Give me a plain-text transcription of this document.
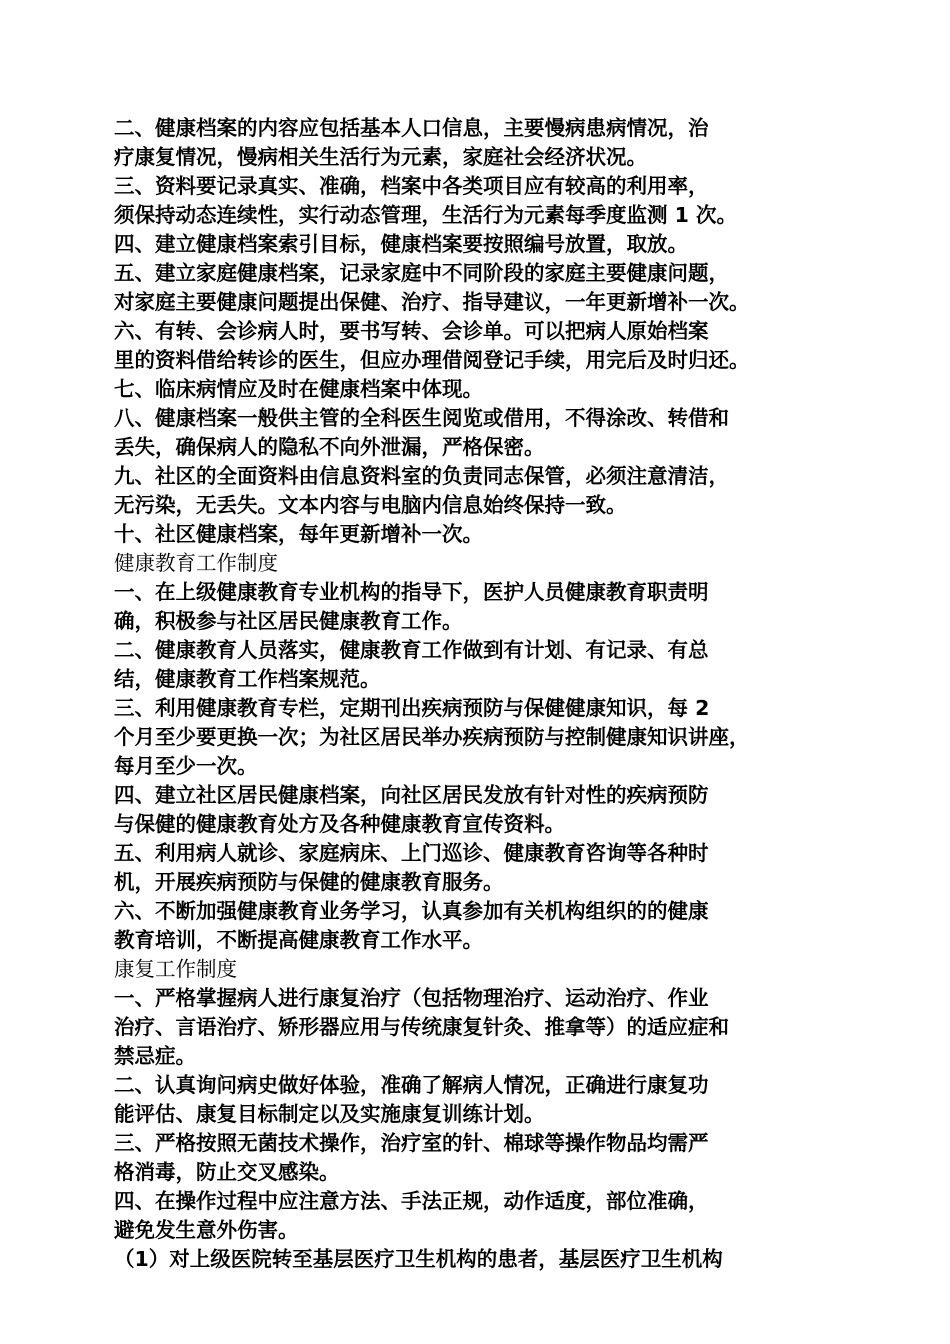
二、健康档案的内容应包括基本人口信息，主要慢病患病情况，治
疗康复情况，慢病相关生活行为元素，家庭社会经济状况。
三、资料要记录真实、准确，档案中各类项目应有较高的利用率，
须保持动态连续性，实行动态管理，生活行为元素每季度监测 1 次。
四、建立健康档案索引目标，健康档案要按照编号放置，取放。
五、建立家庭健康档案，记录家庭中不同阶段的家庭主要健康问题，
对家庭主要健康问题提出保健、治疗、指导建议，一年更新增补一次。
六、有转、会诊病人时，要书写转、会诊单。可以把病人原始档案
里的资料借给转诊的医生，但应办理借阅登记手续，用完后及时归还。
七、临床病情应及时在健康档案中体现。
八、健康档案一般供主管的全科医生阅览或借用，不得涂改、转借和
丢失，确保病人的隐私不向外泄漏，严格保密。
九、社区的全面资料由信息资料室的负责同志保管，必须注意清洁，
无污染，无丢失。文本内容与电脑内信息始终保持一致。
十、社区健康档案，每年更新增补一次。
健康教育工作制度
一、在上级健康教育专业机构的指导下，医护人员健康教育职责明
确，积极参与社区居民健康教育工作。
二、健康教育人员落实，健康教育工作做到有计划、有记录、有总
结，健康教育工作档案规范。
三、利用健康教育专栏，定期刊出疾病预防与保健健康知识，每 2
个月至少要更换一次；为社区居民举办疾病预防与控制健康知识讲座，
每月至少一次。
四、建立社区居民健康档案，向社区居民发放有针对性的疾病预防
与保健的健康教育处方及各种健康教育宣传资料。
五、利用病人就诊、家庭病床、上门巡诊、健康教育咨询等各种时
机，开展疾病预防与保健的健康教育服务。
六、不断加强健康教育业务学习，认真参加有关机构组织的的健康
教育培训，不断提高健康教育工作水平。
康复工作制度
一、严格掌握病人进行康复治疗（包括物理治疗、运动治疗、作业
治疗、言语治疗、矫形器应用与传统康复针灸、推拿等）的适应症和
禁忌症。
二、认真询问病史做好体验，准确了解病人情况，正确进行康复功
能评估、康复目标制定以及实施康复训练计划。
三、严格按照无菌技术操作，治疗室的针、棉球等操作物品均需严
格消毒，防止交叉感染。
四、在操作过程中应注意方法、手法正规，动作适度，部位准确，
避免发生意外伤害。
（1）对上级医院转至基层医疗卫生机构的患者，基层医疗卫生机构
